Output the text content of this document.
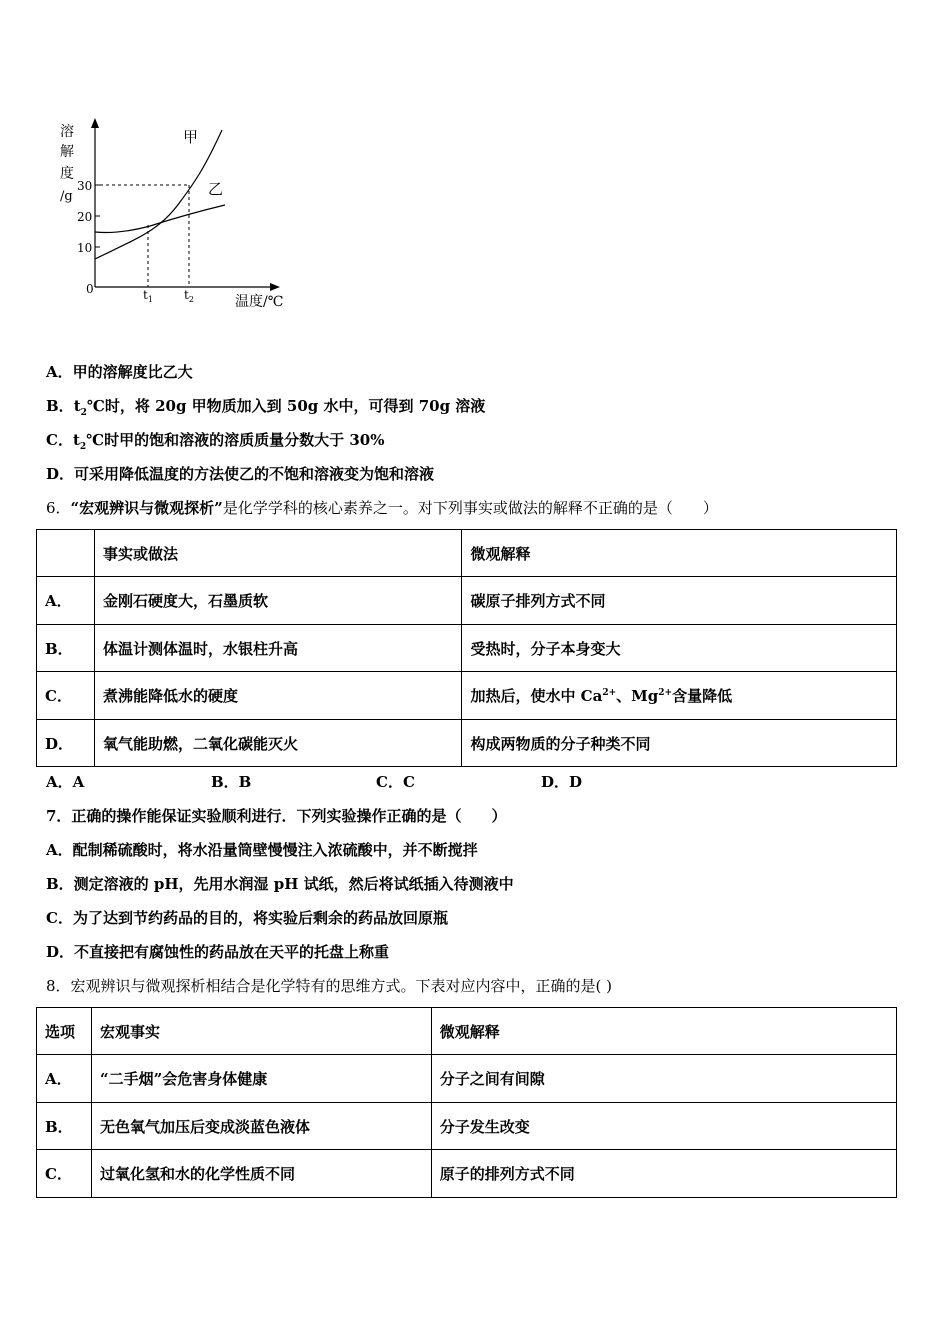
溶
解
度
/g
30
20
10
0	$t_1$	$t_2$	温度/℃
甲
乙
A．甲的溶解度比乙大
B．$t_2℃$时，将 20g 甲物质加入到 50g 水中，可得到 70g 溶液
C．$t_2℃$时甲的饱和溶液的溶质质量分数大于 30%
D．可采用降低温度的方法使乙的不饱和溶液变为饱和溶液
6．“宏观辨识与微观探析”是化学学科的核心素养之一。对下列事实或做法的解释不正确的是（　　）
	事实或做法	微观解释
A．	金刚石硬度大，石墨质软	碳原子排列方式不同
B．	体温计测体温时，水银柱升高	受热时，分子本身变大
C．	煮沸能降低水的硬度	加热后，使水中 $Ca^{2+}$、$Mg^{2+}$含量降低
D．	氧气能助燃，二氧化碳能灭火	构成两物质的分子种类不同
A．A	B．B	C．C	D．D
7．正确的操作能保证实验顺利进行．下列实验操作正确的是（　　）
A．配制稀硫酸时，将水沿量筒壁慢慢注入浓硫酸中，并不断搅拌
B．测定溶液的 pH，先用水润湿 pH 试纸，然后将试纸插入待测液中
C．为了达到节约药品的目的，将实验后剩余的药品放回原瓶
D．不直接把有腐蚀性的药品放在天平的托盘上称重
8．宏观辨识与微观探析相结合是化学特有的思维方式。下表对应内容中，正确的是( )
选项	宏观事实	微观解释
A．	“二手烟”会危害身体健康	分子之间有间隙
B．	无色氧气加压后变成淡蓝色液体	分子发生改变
C．	过氧化氢和水的化学性质不同	原子的排列方式不同
